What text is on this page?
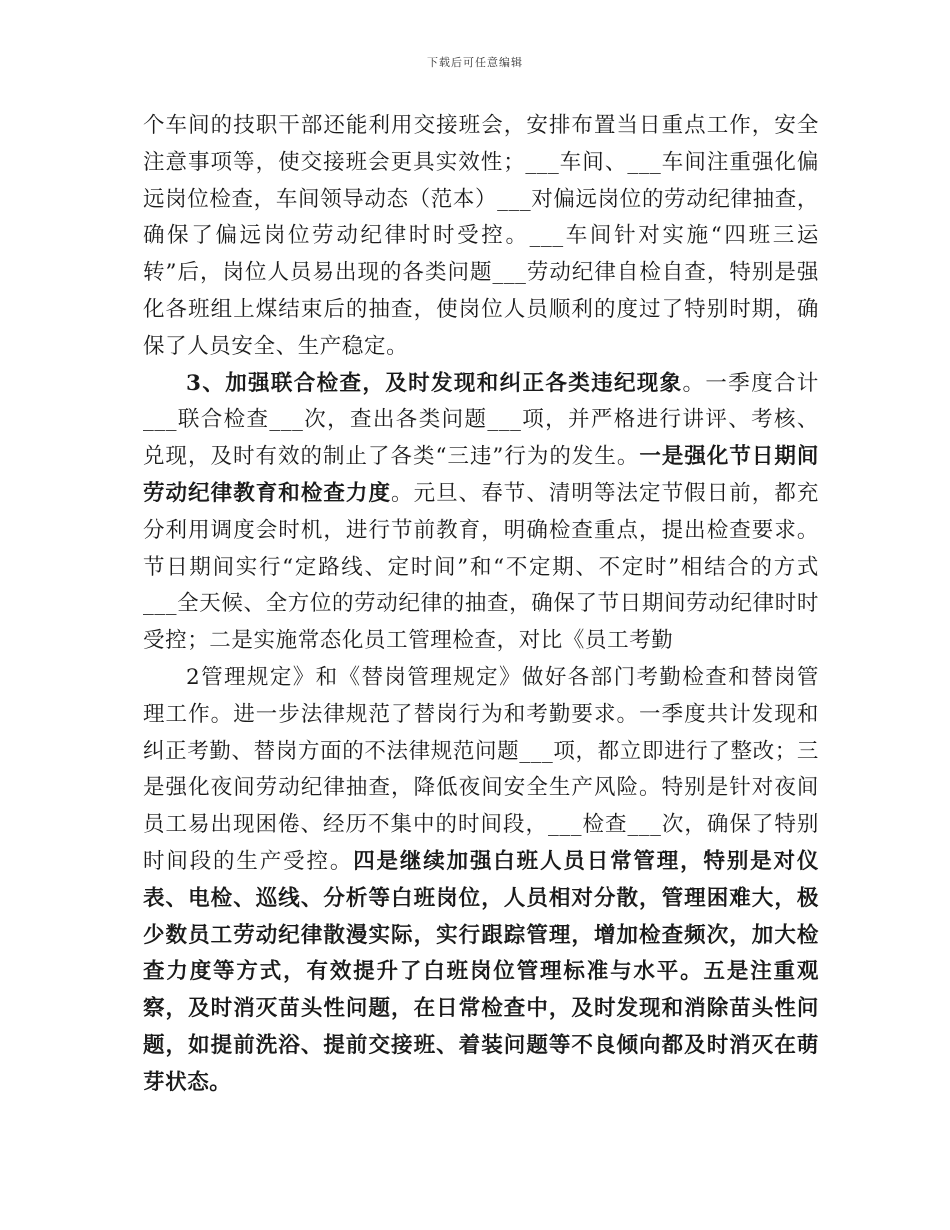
下载后可任意编辑

个车间的技职干部还能利用交接班会，安排布置当日重点工作，安全注意事项等，使交接班会更具实效性；___车间、___车间注重强化偏远岗位检查，车间领导动态（范本）___对偏远岗位的劳动纪律抽查，确保了偏远岗位劳动纪律时时受控。___车间针对实施“四班三运转”后，岗位人员易出现的各类问题___劳动纪律自检自查，特别是强化各班组上煤结束后的抽查，使岗位人员顺利的度过了特别时期，确保了人员安全、生产稳定。

3、加强联合检查，及时发现和纠正各类违纪现象。一季度合计___联合检查___次，查出各类问题___项，并严格进行讲评、考核、兑现，及时有效的制止了各类“三违”行为的发生。一是强化节日期间劳动纪律教育和检查力度。元旦、春节、清明等法定节假日前，都充分利用调度会时机，进行节前教育，明确检查重点，提出检查要求。节日期间实行“定路线、定时间”和“不定期、不定时”相结合的方式___全天候、全方位的劳动纪律的抽查，确保了节日期间劳动纪律时时受控；二是实施常态化员工管理检查，对比《员工考勤

2管理规定》和《替岗管理规定》做好各部门考勤检查和替岗管理工作。进一步法律规范了替岗行为和考勤要求。一季度共计发现和纠正考勤、替岗方面的不法律规范问题___项，都立即进行了整改；三是强化夜间劳动纪律抽查，降低夜间安全生产风险。特别是针对夜间员工易出现困倦、经历不集中的时间段，___检查___次，确保了特别时间段的生产受控。四是继续加强白班人员日常管理，特别是对仪表、电检、巡线、分析等白班岗位，人员相对分散，管理困难大，极少数员工劳动纪律散漫实际，实行跟踪管理，增加检查频次，加大检查力度等方式，有效提升了白班岗位管理标准与水平。五是注重观察，及时消灭苗头性问题，在日常检查中，及时发现和消除苗头性问题，如提前洗浴、提前交接班、着装问题等不良倾向都及时消灭在萌芽状态。
